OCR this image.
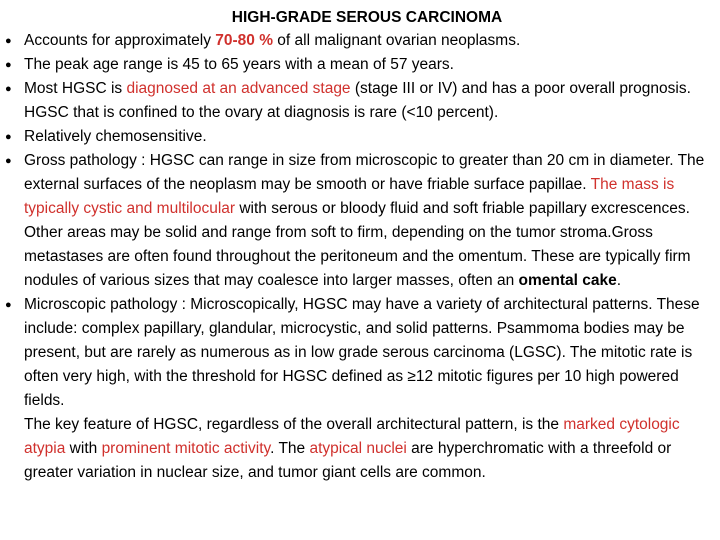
HIGH-GRADE SEROUS CARCINOMA
● Accounts for approximately 70-80 % of all malignant ovarian neoplasms.
● The peak age range is 45 to 65 years with a mean of 57 years.
● Most HGSC is diagnosed at an advanced stage (stage III or IV) and has a poor overall prognosis. HGSC that is confined to the ovary at diagnosis is rare (<10 percent).
● Relatively chemosensitive.
● Gross pathology : HGSC can range in size from microscopic to greater than 20 cm in diameter. The external surfaces of the neoplasm may be smooth or have friable surface papillae. The mass is typically cystic and multilocular with serous or bloody fluid and soft friable papillary excrescences. Other areas may be solid and range from soft to firm, depending on the tumor stroma.Gross metastases are often found throughout the peritoneum and the omentum. These are typically firm nodules of various sizes that may coalesce into larger masses, often an omental cake.
● Microscopic pathology : Microscopically, HGSC may have a variety of architectural patterns. These include: complex papillary, glandular, microcystic, and solid patterns. Psammoma bodies may be present, but are rarely as numerous as in low grade serous carcinoma (LGSC). The mitotic rate is often very high, with the threshold for HGSC defined as ≥12 mitotic figures per 10 high powered fields.
The key feature of HGSC, regardless of the overall architectural pattern, is the marked cytologic atypia with prominent mitotic activity. The atypical nuclei are hyperchromatic with a threefold or greater variation in nuclear size, and tumor giant cells are common.
